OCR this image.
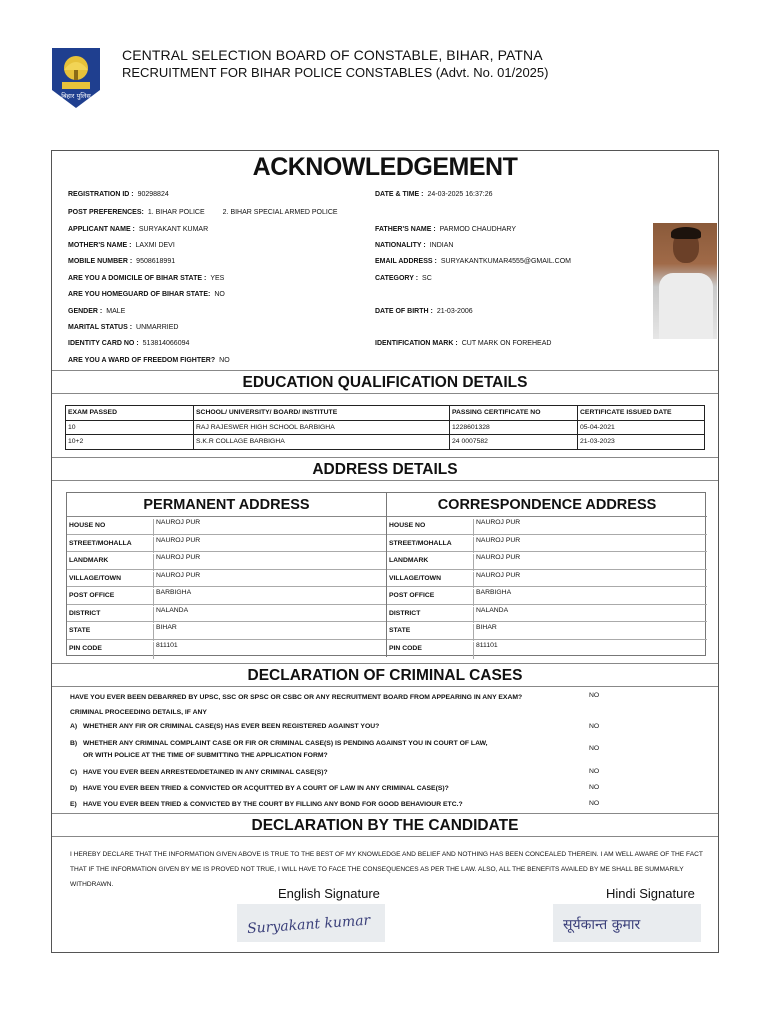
बिहार पुलिस
CENTRAL SELECTION BOARD OF CONSTABLE, BIHAR, PATNA
RECRUITMENT FOR BIHAR POLICE CONSTABLES (Advt. No. 01/2025)
ACKNOWLEDGEMENT
REGISTRATION ID : 90298824	DATE & TIME : 24-03-2025 16:37:26
POST PREFERENCES: 1. BIHAR POLICE	2. BIHAR SPECIAL ARMED POLICE
APPLICANT NAME : SURYAKANT KUMAR	FATHER'S NAME : PARMOD CHAUDHARY
MOTHER'S NAME : LAXMI DEVI	NATIONALITY : INDIAN
MOBILE NUMBER : 9508618991	EMAIL ADDRESS : SURYAKANTKUMAR4555@GMAIL.COM
ARE YOU A DOMICILE OF BIHAR STATE : YES	CATEGORY : SC
ARE YOU HOMEGUARD OF BIHAR STATE: NO
GENDER : MALE	DATE OF BIRTH : 21-03-2006
MARITAL STATUS : UNMARRIED
IDENTITY CARD NO : 513814066094	IDENTIFICATION MARK : CUT MARK ON FOREHEAD
ARE YOU A WARD OF FREEDOM FIGHTER? NO
EDUCATION QUALIFICATION DETAILS
EXAM PASSED	SCHOOL/ UNIVERSITY/ BOARD/ INSTITUTE	PASSING CERTIFICATE NO	CERTIFICATE ISSUED DATE
10	RAJ RAJESWER HIGH SCHOOL BARBIGHA	1228601328	05-04-2021
10+2	S.K.R COLLAGE BARBIGHA	24 0007582	21-03-2023
ADDRESS DETAILS
PERMANENT ADDRESS
HOUSE NO	NAUROJ PUR
STREET/MOHALLA	NAUROJ PUR
LANDMARK	NAUROJ PUR
VILLAGE/TOWN	NAUROJ PUR
POST OFFICE	BARBIGHA
DISTRICT	NALANDA
STATE	BIHAR
PIN CODE	811101
CORRESPONDENCE ADDRESS
HOUSE NO	NAUROJ PUR
STREET/MOHALLA	NAUROJ PUR
LANDMARK	NAUROJ PUR
VILLAGE/TOWN	NAUROJ PUR
POST OFFICE	BARBIGHA
DISTRICT	NALANDA
STATE	BIHAR
PIN CODE	811101
DECLARATION OF CRIMINAL CASES
HAVE YOU EVER BEEN DEBARRED BY UPSC, SSC OR SPSC OR CSBC OR ANY RECRUITMENT BOARD FROM APPEARING IN ANY EXAM?	NO
CRIMINAL PROCEEDING DETAILS, IF ANY
A) WHETHER ANY FIR OR CRIMINAL CASE(S) HAS EVER BEEN REGISTERED AGAINST YOU?	NO
B) WHETHER ANY CRIMINAL COMPLAINT CASE OR FIR OR CRIMINAL CASE(S) IS PENDING AGAINST YOU IN COURT OF LAW,
OR WITH POLICE AT THE TIME OF SUBMITTING THE APPLICATION FORM?
NO
C) HAVE YOU EVER BEEN ARRESTED/DETAINED IN ANY CRIMINAL CASE(S)?	NO
D) HAVE YOU EVER BEEN TRIED & CONVICTED OR ACQUITTED BY A COURT OF LAW IN ANY CRIMINAL CASE(S)?	NO
E) HAVE YOU EVER BEEN TRIED & CONVICTED BY THE COURT BY FILLING ANY BOND FOR GOOD BEHAVIOUR ETC.?	NO
DECLARATION BY THE CANDIDATE
I HEREBY DECLARE THAT THE INFORMATION GIVEN ABOVE IS TRUE TO THE BEST OF MY KNOWLEDGE AND BELIEF AND NOTHING HAS BEEN CONCEALED THEREIN. I AM WELL AWARE OF THE FACT THAT IF THE INFORMATION GIVEN BY ME IS PROVED NOT TRUE, I WILL HAVE TO FACE THE CONSEQUENCES AS PER THE LAW. ALSO, ALL THE BENEFITS AVAILED BY ME SHALL BE SUMMARILY WITHDRAWN.
English Signature	Hindi Signature
Suryakant kumar	सूर्यकान्त कुमार
